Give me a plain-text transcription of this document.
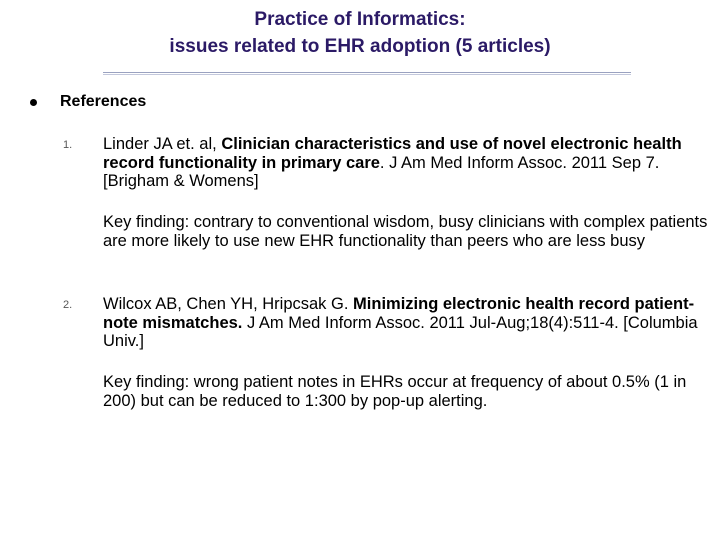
Practice of Informatics:
issues related to EHR adoption (5 articles)
References
1. Linder JA et. al, Clinician characteristics and use of novel electronic health record functionality in primary care. J Am Med Inform Assoc. 2011 Sep 7. [Brigham & Womens]
Key finding: contrary to conventional wisdom, busy clinicians with complex patients are more likely to use new EHR functionality than peers who are less busy
2. Wilcox AB, Chen YH, Hripcsak G. Minimizing electronic health record patient-note mismatches. J Am Med Inform Assoc. 2011 Jul-Aug;18(4):511-4. [Columbia Univ.]
Key finding: wrong patient notes in EHRs occur at frequency of about 0.5% (1 in 200) but can be reduced to 1:300 by pop-up alerting.
